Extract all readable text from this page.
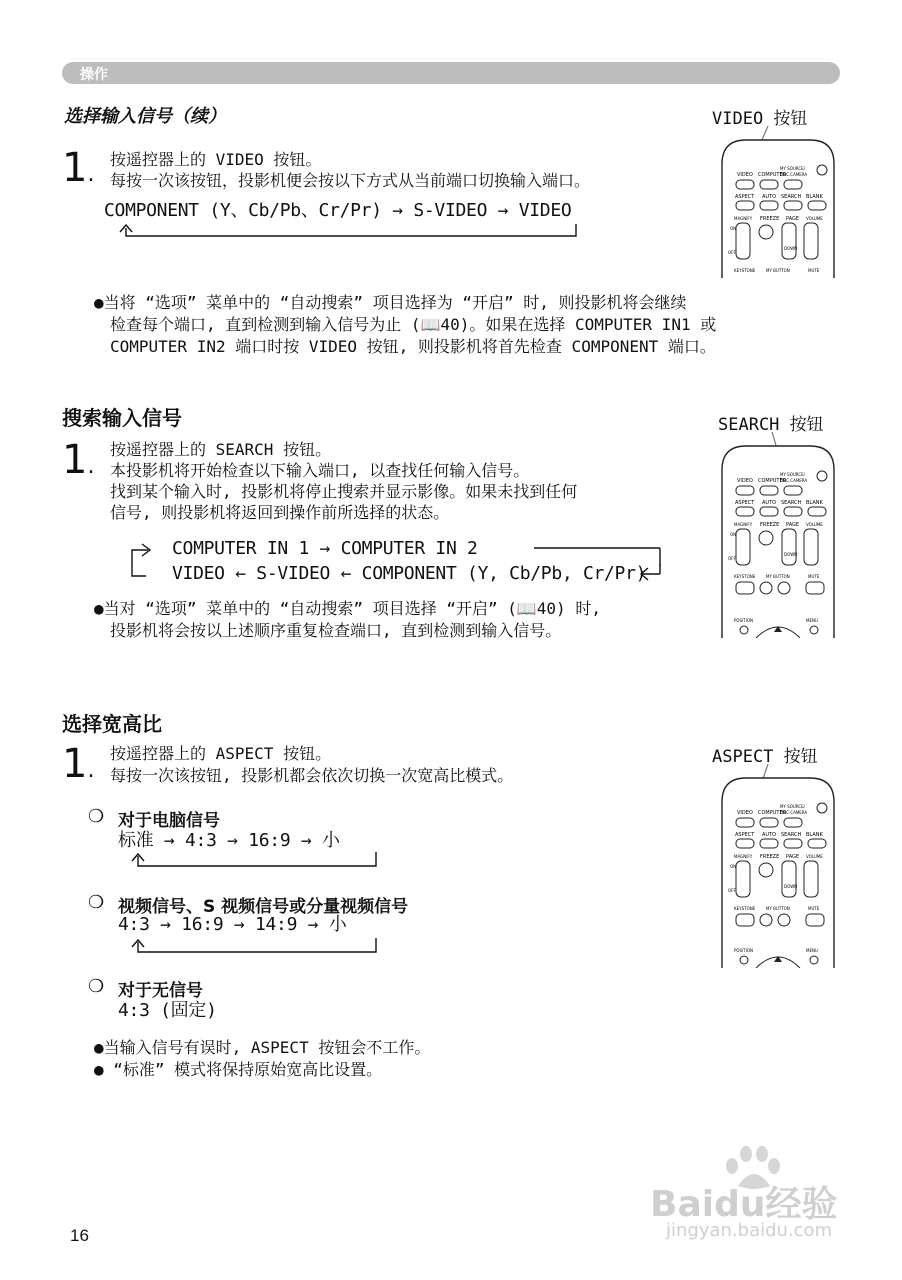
操作
选择输入信号（续）
1.
按遥控器上的 VIDEO 按钮。
每按一次该按钮，投影机便会按以下方式从当前端口切换输入端口。
COMPONENT (Y、Cb/Pb、Cr/Pr) → S-VIDEO → VIDEO
●当将 “选项” 菜单中的 “自动搜索” 项目选择为 “开启” 时, 则投影机将会继续
检查每个端口, 直到检测到输入信号为止 (📖40)。如果在选择 COMPUTER IN1 或
COMPUTER IN2 端口时按 VIDEO 按钮, 则投影机将首先检查 COMPONENT 端口。
搜索输入信号
1.
按遥控器上的 SEARCH 按钮。
本投影机将开始检查以下输入端口, 以查找任何输入信号。
找到某个输入时, 投影机将停止搜索并显示影像。如果未找到任何
信号, 则投影机将返回到操作前所选择的状态。
COMPUTER IN 1 → COMPUTER IN 2
VIDEO ← S-VIDEO ← COMPONENT (Y, Cb/Pb, Cr/Pr)
●当对 “选项” 菜单中的 “自动搜索” 项目选择 “开启” (📖40) 时,
投影机将会按以上述顺序重复检查端口, 直到检测到输入信号。
选择宽高比
1.
按遥控器上的 ASPECT 按钮。
每按一次该按钮, 投影机都会依次切换一次宽高比模式。
❍ 对于电脑信号
标准 → 4:3 → 16:9 → 小
❍ 视频信号、S 视频信号或分量视频信号
4:3 → 16:9 → 14:9 → 小
❍ 对于无信号
4:3 (固定)
●当输入信号有误时, ASPECT 按钮会不工作。
● “标准” 模式将保持原始宽高比设置。
VIDEO 按钮
VIDEO COMPUTER
MY SOURCE/
DOC.CAMERA
ASPECT AUTO SEARCH BLANK
MAGNIFY FREEZE PAGE VOLUME
ON
OFF
DOWN
KEYSTONE	MY BUTTON	MUTE
SEARCH 按钮
VIDEO COMPUTER
MY SOURCE/
DOC.CAMERA
ASPECT AUTO SEARCH BLANK
MAGNIFY FREEZE PAGE VOLUME
ON
OFF
DOWN
KEYSTONE	MY BUTTON	MUTE
POSITION	MENU
ASPECT 按钮
VIDEO COMPUTER
MY SOURCE/
DOC.CAMERA
ASPECT AUTO SEARCH BLANK
MAGNIFY FREEZE PAGE VOLUME
ON
OFF
DOWN
KEYSTONE	MY BUTTON	MUTE
POSITION	MENU
16
Baidu经验
jingyan.baidu.com
